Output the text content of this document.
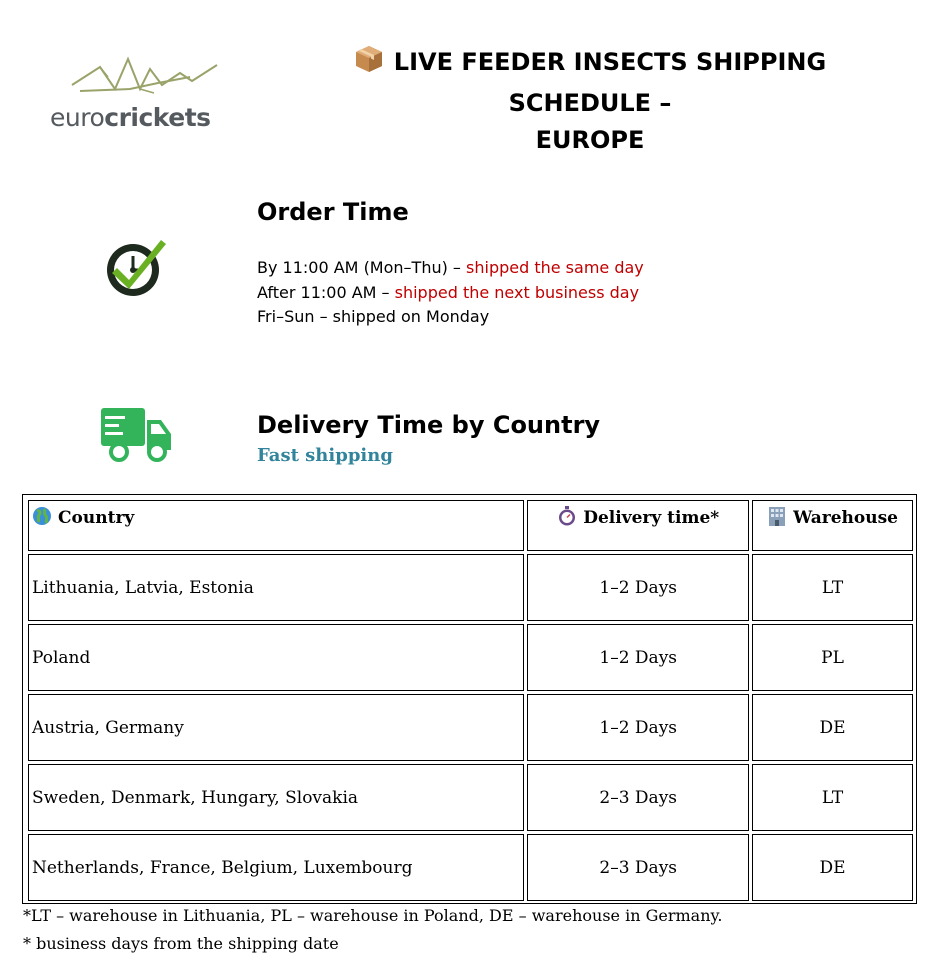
eurocrickets
LIVE FEEDER INSECTS SHIPPING SCHEDULE –
EUROPE
Order Time
By 11:00 AM (Mon–Thu) – shipped the same day
After 11:00 AM – shipped the next business day
Fri–Sun – shipped on Monday
Delivery Time by Country
Fast shipping
Country	Delivery time*	Warehouse
Lithuania, Latvia, Estonia	1–2 Days	LT
Poland	1–2 Days	PL
Austria, Germany	1–2 Days	DE
Sweden, Denmark, Hungary, Slovakia	2–3 Days	LT
Netherlands, France, Belgium, Luxembourg	2–3 Days	DE
*LT – warehouse in Lithuania, PL – warehouse in Poland, DE – warehouse in Germany.
* business days from the shipping date
